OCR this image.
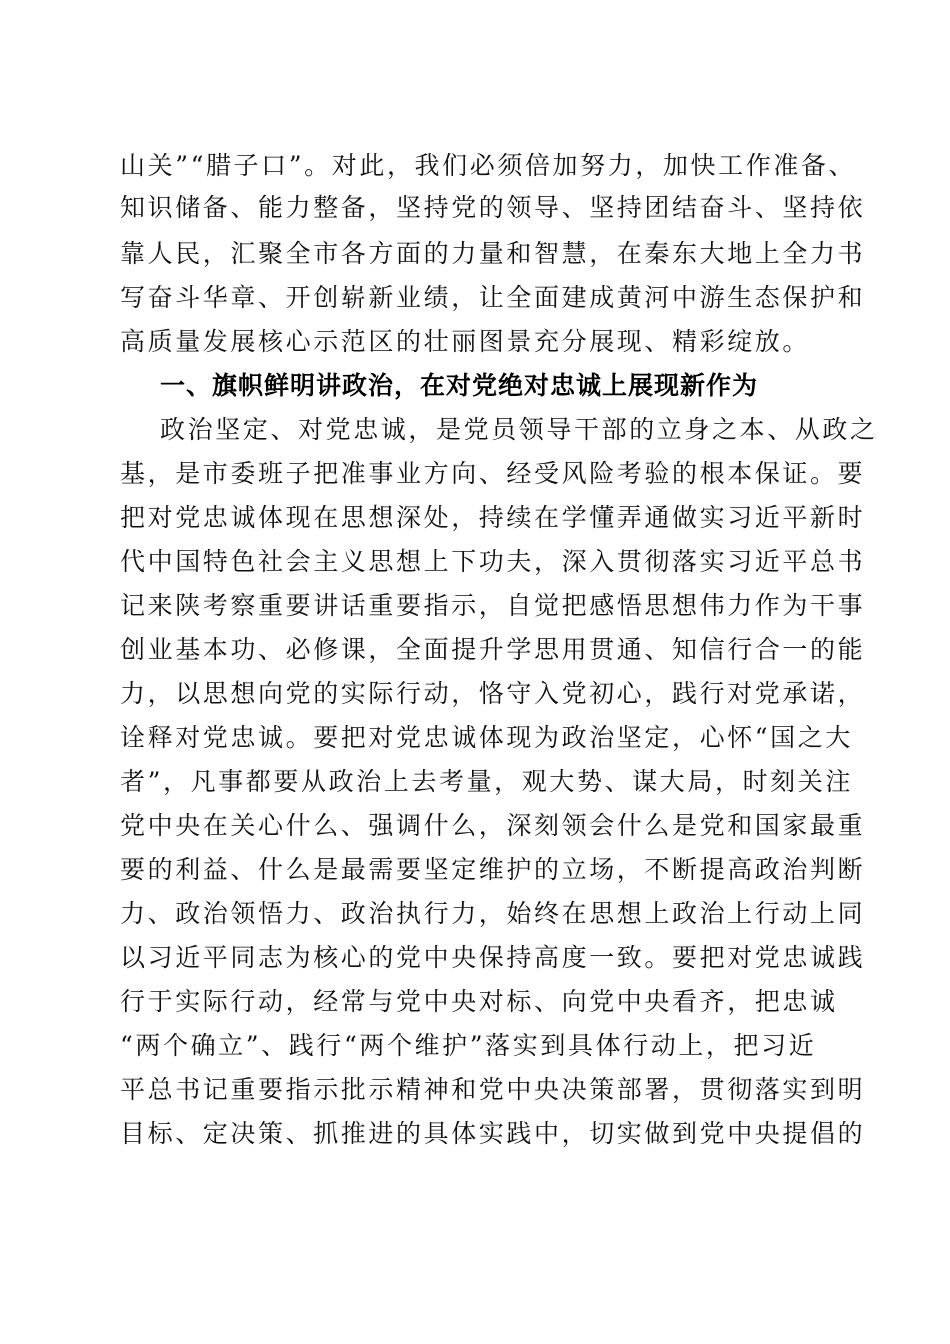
山关”“腊子口”。对此，我们必须倍加努力，加快工作准备、
知识储备、能力整备，坚持党的领导、坚持团结奋斗、坚持依
靠人民，汇聚全市各方面的力量和智慧，在秦东大地上全力书
写奋斗华章、开创崭新业绩，让全面建成黄河中游生态保护和
高质量发展核心示范区的壮丽图景充分展现、精彩绽放。
一、旗帜鲜明讲政治，在对党绝对忠诚上展现新作为
政治坚定、对党忠诚，是党员领导干部的立身之本、从政之
基，是市委班子把准事业方向、经受风险考验的根本保证。要
把对党忠诚体现在思想深处，持续在学懂弄通做实习近平新时
代中国特色社会主义思想上下功夫，深入贯彻落实习近平总书
记来陕考察重要讲话重要指示，自觉把感悟思想伟力作为干事
创业基本功、必修课，全面提升学思用贯通、知信行合一的能
力，以思想向党的实际行动，恪守入党初心，践行对党承诺，
诠释对党忠诚。要把对党忠诚体现为政治坚定，心怀“国之大
者”，凡事都要从政治上去考量，观大势、谋大局，时刻关注
党中央在关心什么、强调什么，深刻领会什么是党和国家最重
要的利益、什么是最需要坚定维护的立场，不断提高政治判断
力、政治领悟力、政治执行力，始终在思想上政治上行动上同
以习近平同志为核心的党中央保持高度一致。要把对党忠诚践
行于实际行动，经常与党中央对标、向党中央看齐，把忠诚
“两个确立”、践行“两个维护”落实到具体行动上，把习近
平总书记重要指示批示精神和党中央决策部署，贯彻落实到明
目标、定决策、抓推进的具体实践中，切实做到党中央提倡的
